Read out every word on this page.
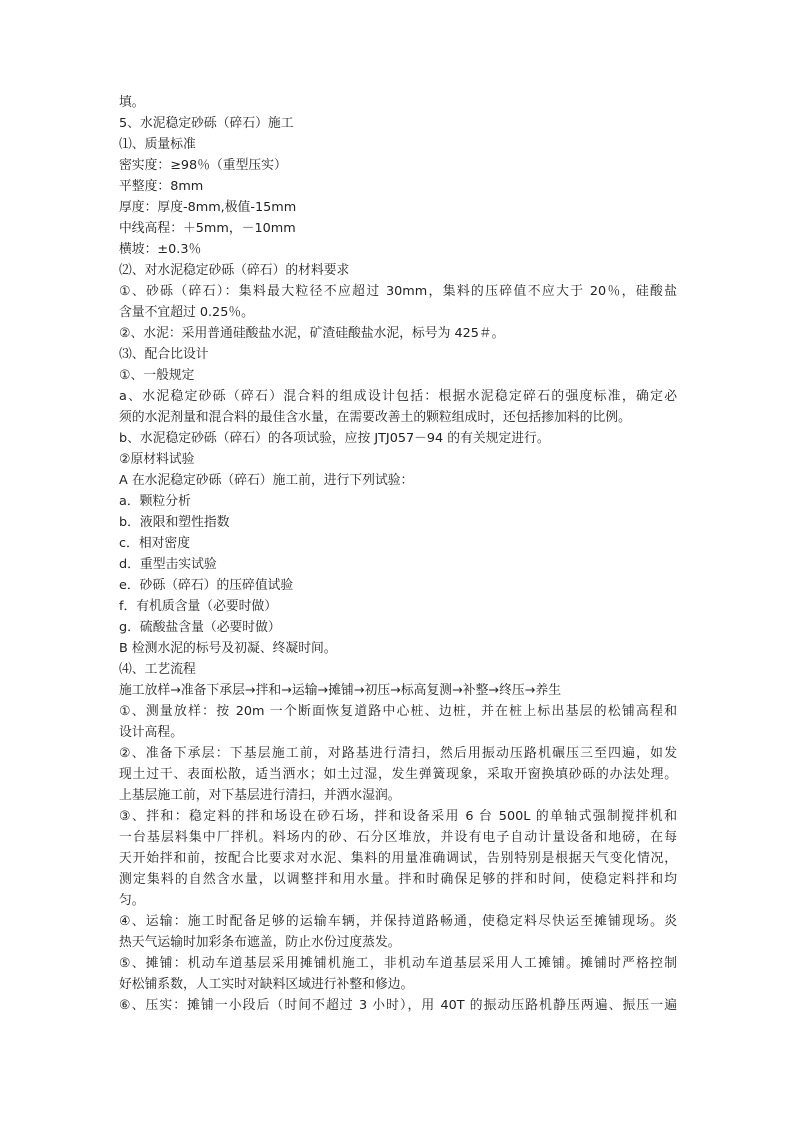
填。
5、水泥稳定砂砾（碎石）施工
⑴、质量标准
密实度：≥98％（重型压实）
平整度：8mm
厚度：厚度-8mm,极值-15mm
中线高程：＋5mm，－10mm
横坡：±0.3％
⑵、对水泥稳定砂砾（碎石）的材料要求
①、砂砾（碎石）：集料最大粒径不应超过 30mm，集料的压碎值不应大于 20％，硅酸盐
含量不宜超过 0.25％。
②、水泥：采用普通硅酸盐水泥，矿渣硅酸盐水泥，标号为 425＃。
⑶、配合比设计
①、一般规定
a、水泥稳定砂砾（碎石）混合料的组成设计包括：根据水泥稳定碎石的强度标准，确定必
须的水泥剂量和混合料的最佳含水量，在需要改善土的颗粒组成时，还包括掺加料的比例。
b、水泥稳定砂砾（碎石）的各项试验，应按 JTJ057－94 的有关规定进行。
②原材料试验
A 在水泥稳定砂砾（碎石）施工前，进行下列试验：
a．颗粒分析
b．液限和塑性指数
c．相对密度
d．重型击实试验
e．砂砾（碎石）的压碎值试验
f．有机质含量（必要时做）
g．硫酸盐含量（必要时做）
B 检测水泥的标号及初凝、终凝时间。
⑷、工艺流程
施工放样→准备下承层→拌和→运输→摊铺→初压→标高复测→补整→终压→养生
①、测量放样：按 20m 一个断面恢复道路中心桩、边桩，并在桩上标出基层的松铺高程和
设计高程。
②、准备下承层：下基层施工前，对路基进行清扫，然后用振动压路机碾压三至四遍，如发
现土过干、表面松散，适当洒水；如土过湿，发生弹簧现象，采取开窗换填砂砾的办法处理。
上基层施工前，对下基层进行清扫，并洒水湿润。
③、拌和：稳定料的拌和场设在砂石场，拌和设备采用 6 台 500L 的单轴式强制搅拌机和
一台基层料集中厂拌机。料场内的砂、石分区堆放，并设有电子自动计量设备和地磅，在每
天开始拌和前，按配合比要求对水泥、集料的用量准确调试，告别特别是根据天气变化情况，
测定集料的自然含水量，以调整拌和用水量。拌和时确保足够的拌和时间，使稳定料拌和均
匀。
④、运输：施工时配备足够的运输车辆，并保持道路畅通，使稳定料尽快运至摊铺现场。炎
热天气运输时加彩条布遮盖，防止水份过度蒸发。
⑤、摊铺：机动车道基层采用摊铺机施工，非机动车道基层采用人工摊铺。摊铺时严格控制
好松铺系数，人工实时对缺料区域进行补整和修边。
⑥、压实：摊铺一小段后（时间不超过 3 小时），用 40T 的振动压路机静压两遍、振压一遍
